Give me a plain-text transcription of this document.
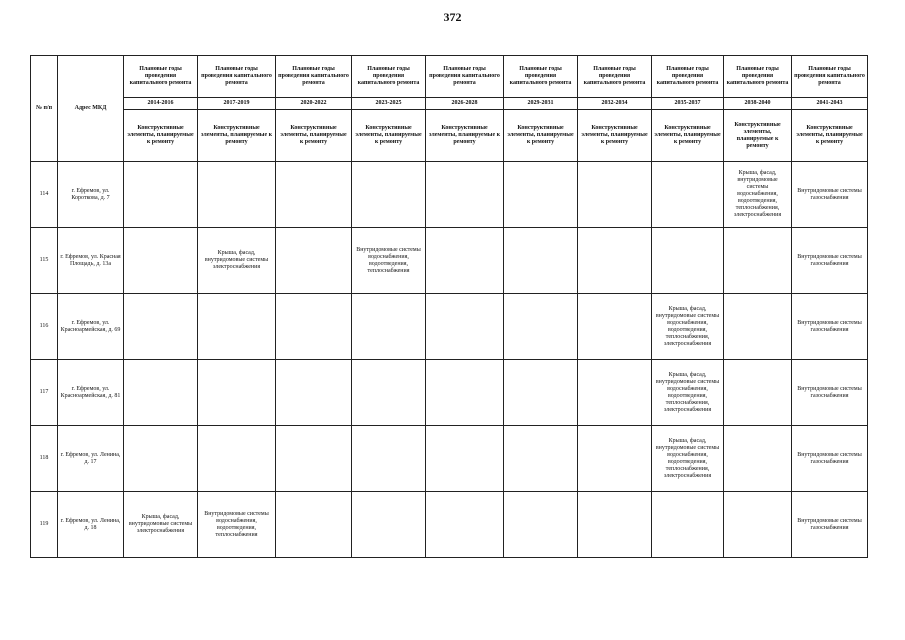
372
№ п/п	Адрес МКД	Плановые годы проведения капитального ремонта	Плановые годы проведения капитального ремонта	Плановые годы проведения капитального ремонта	Плановые годы проведения капитального ремонта	Плановые годы проведения капитального ремонта	Плановые годы проведения капитального ремонта	Плановые годы проведения капитального ремонта	Плановые годы проведения капитального ремонта	Плановые годы проведения капитального ремонта	Плановые годы проведения капитального ремонта
		2014-2016	2017-2019	2020-2022	2023-2025	2026-2028	2029-2031	2032-2034	2035-2037	2038-2040	2041-2043
		Конструктивные элементы, планируемые к ремонту	Конструктивные элементы, планируемые к ремонту	Конструктивные элементы, планируемые к ремонту	Конструктивные элементы, планируемые к ремонту	Конструктивные элементы, планируемые к ремонту	Конструктивные элементы, планируемые к ремонту	Конструктивные элементы, планируемые к ремонту	Конструктивные элементы, планируемые к ремонту	Конструктивные элементы, планируемые к ремонту	Конструктивные элементы, планируемые к ремонту
114	г. Ефремов, ул. Короткова, д. 7									Крыша, фасад, внутридомовые системы водоснабжения, водоотведения, теплоснабжения, электроснабжения	Внутридомовые системы газоснабжения
115	г. Ефремов, ул. Красная Площадь, д. 13а		Крыша, фасад, внутридомовые системы электроснабжения		Внутридомовые системы водоснабжения, водоотведения, теплоснабжения						Внутридомовые системы газоснабжения
116	г. Ефремов, ул. Красноармейская, д. 69								Крыша, фасад, внутридомовые системы водоснабжения, водоотведения, теплоснабжения, электроснабжения		Внутридомовые системы газоснабжения
117	г. Ефремов, ул. Красноармейская, д. 81								Крыша, фасад, внутридомовые системы водоснабжения, водоотведения, теплоснабжения, электроснабжения		Внутридомовые системы газоснабжения
118	г. Ефремов, ул. Ленина, д. 17								Крыша, фасад, внутридомовые системы водоснабжения, водоотведения, теплоснабжения, электроснабжения		Внутридомовые системы газоснабжения
119	г. Ефремов, ул. Ленина, д. 18	Крыша, фасад, внутридомовые системы электроснабжения	Внутридомовые системы водоснабжения, водоотведения, теплоснабжения								Внутридомовые системы газоснабжения
